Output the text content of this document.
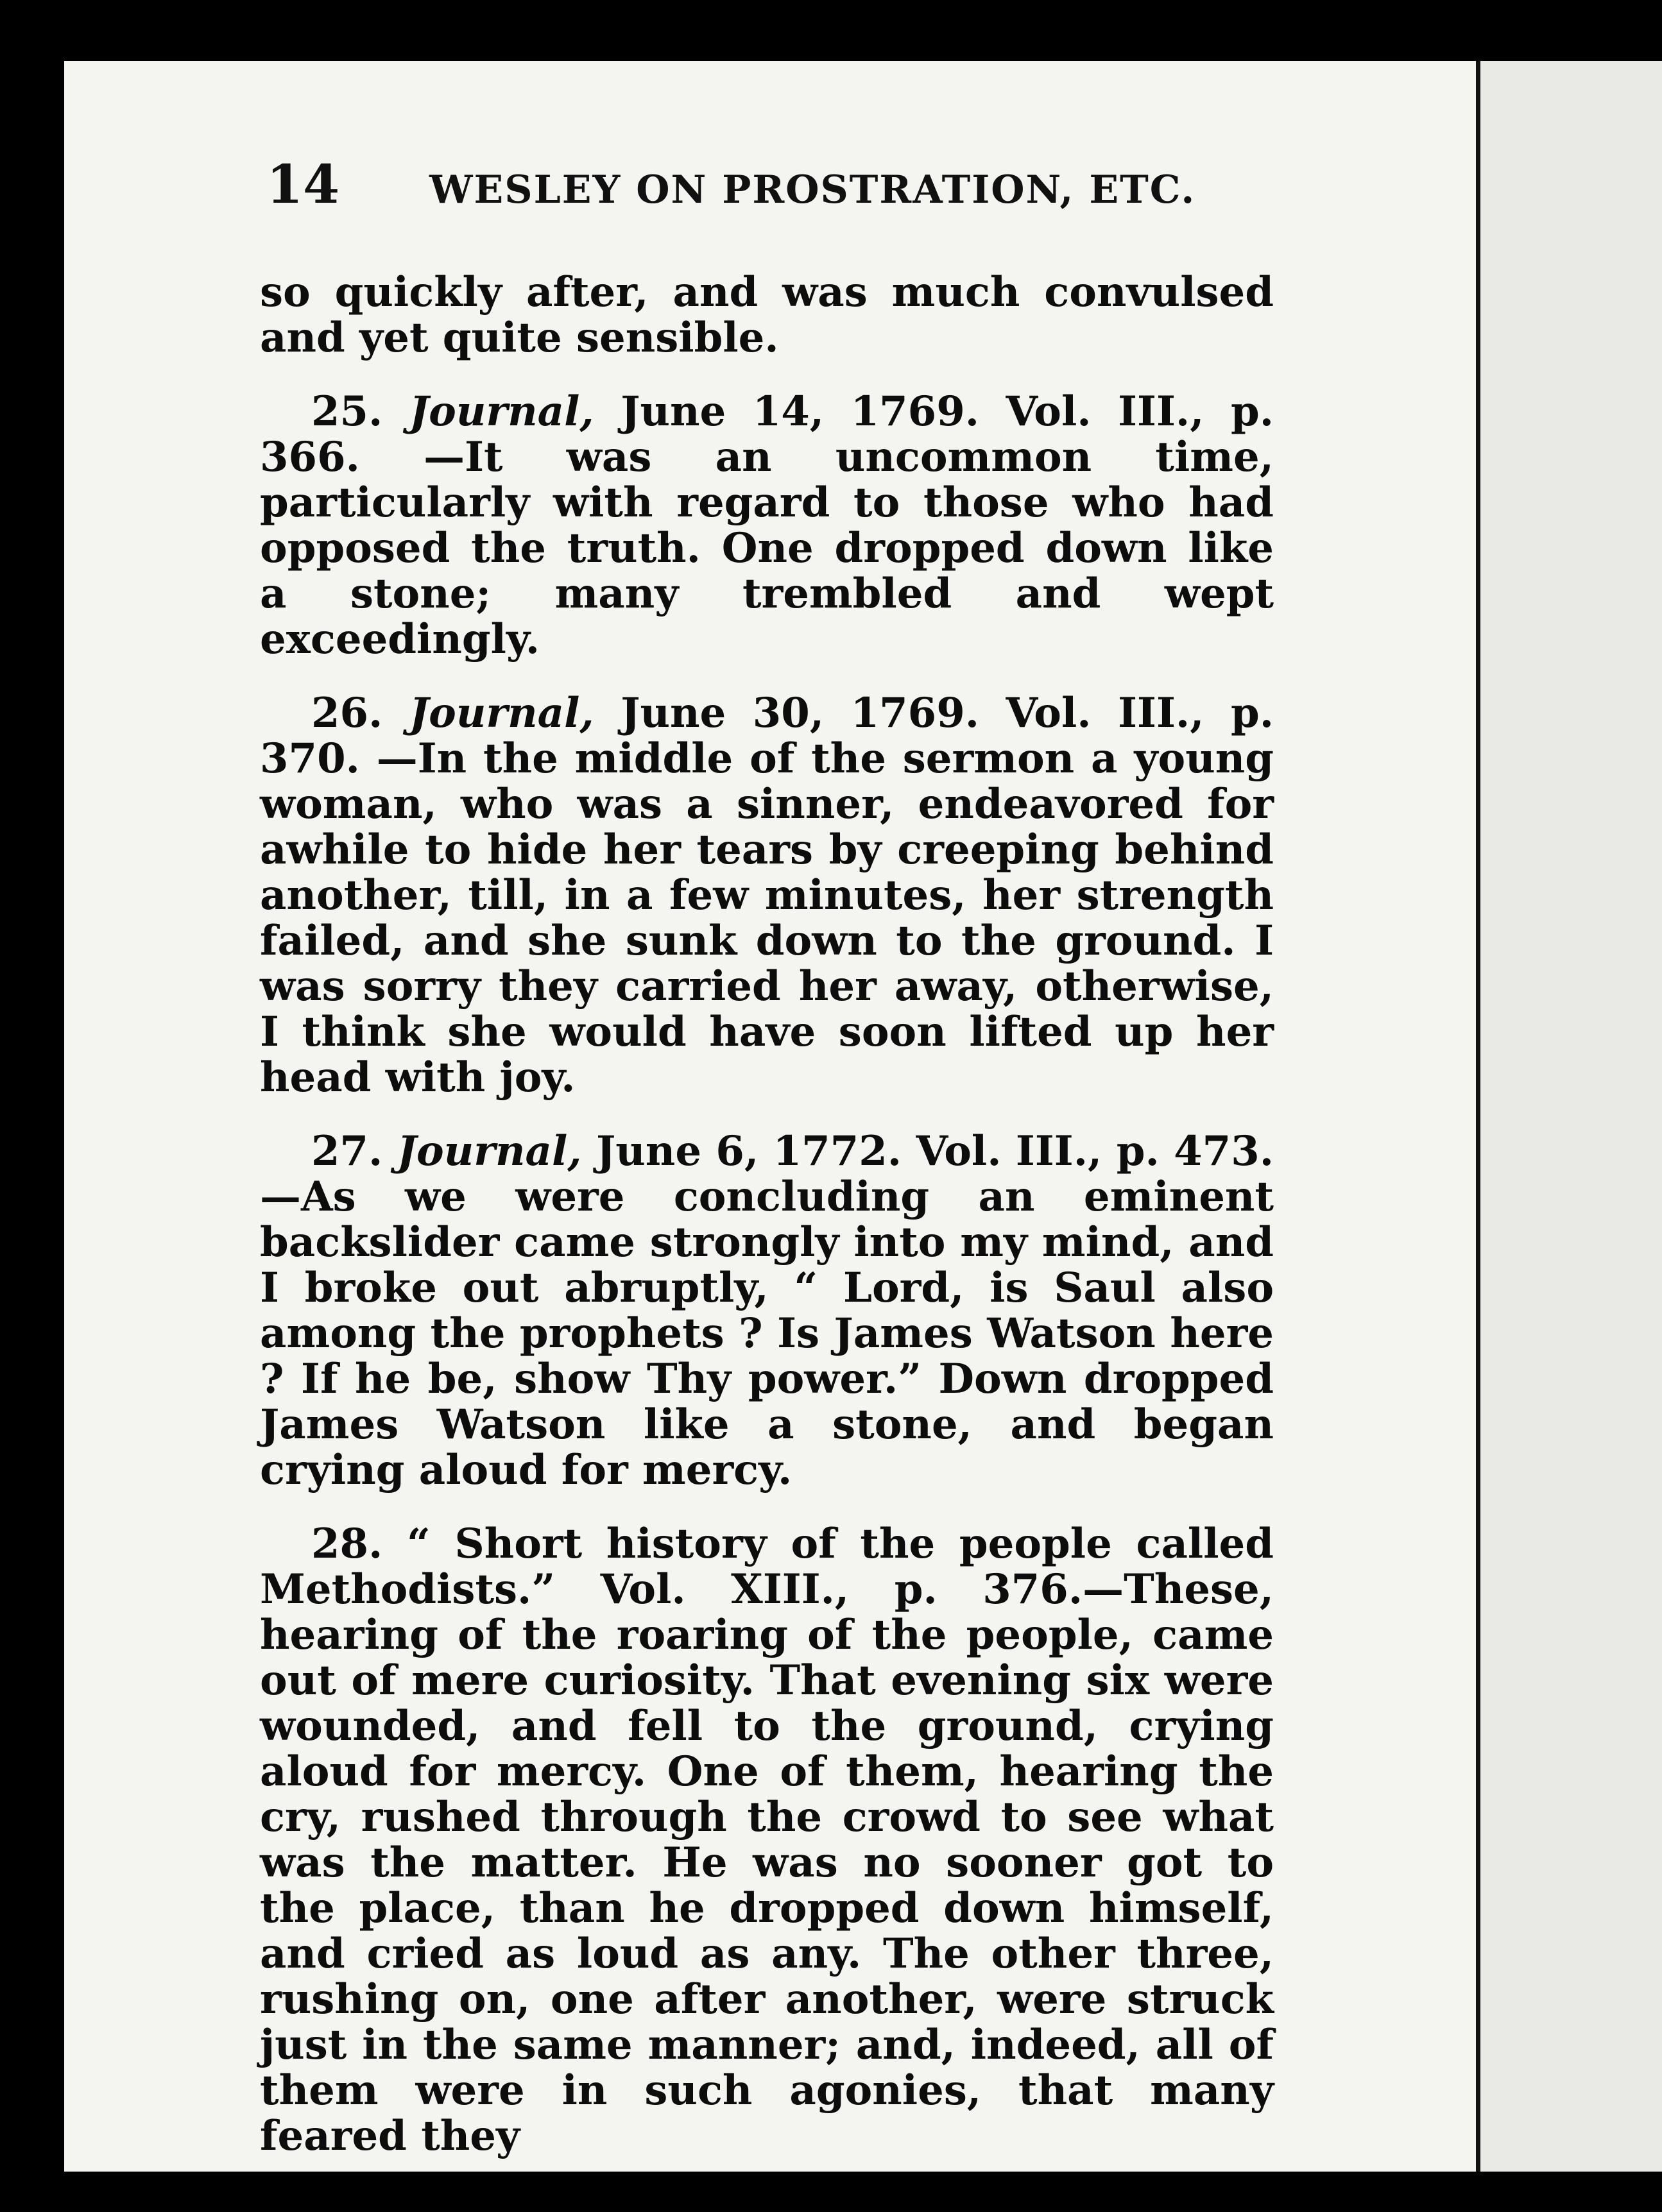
14 WESLEY ON PROSTRATION, ETC.

so quickly after, and was much convulsed and yet quite sensible.

25. Journal, June 14, 1769. Vol. III., p. 366. —It was an uncommon time, particularly with regard to those who had opposed the truth. One dropped down like a stone; many trembled and wept exceedingly.

26. Journal, June 30, 1769. Vol. III., p. 370. —In the middle of the sermon a young woman, who was a sinner, endeavored for awhile to hide her tears by creeping behind another, till, in a few minutes, her strength failed, and she sunk down to the ground. I was sorry they carried her away, otherwise, I think she would have soon lifted up her head with joy.

27. Journal, June 6, 1772. Vol. III., p. 473. —As we were concluding an eminent backslider came strongly into my mind, and I broke out abruptly, “ Lord, is Saul also among the prophets ? Is James Watson here ? If he be, show Thy power.” Down dropped James Watson like a stone, and began crying aloud for mercy.

28. “ Short history of the people called Methodists.” Vol. XIII., p. 376.—These, hearing of the roaring of the people, came out of mere curiosity. That evening six were wounded, and fell to the ground, crying aloud for mercy. One of them, hearing the cry, rushed through the crowd to see what was the matter. He was no sooner got to the place, than he dropped down himself, and cried as loud as any. The other three, rushing on, one after another, were struck just in the same manner; and, indeed, all of them were in such agonies, that many feared they
